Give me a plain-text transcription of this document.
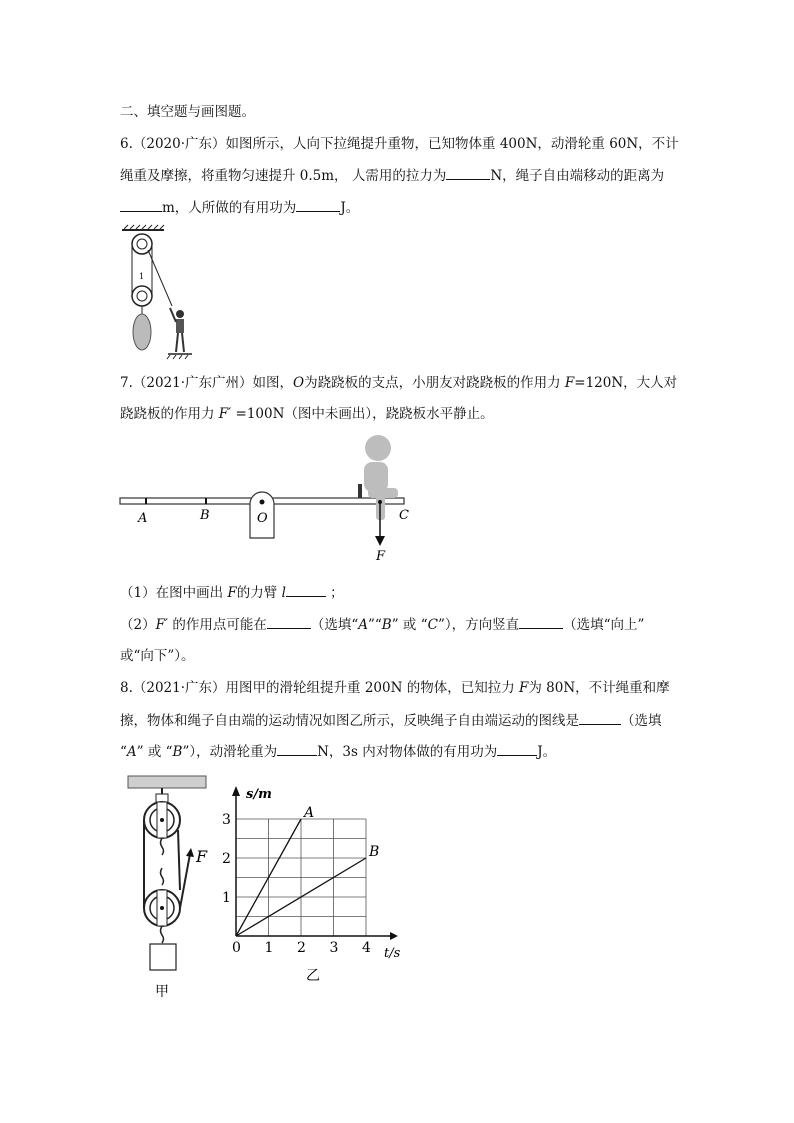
二、填空题与画图题。
6.（2020·广东）如图所示，人向下拉绳提升重物，已知物体重 400N，动滑轮重 60N，不计
绳重及摩擦，将重物匀速提升 0.5m， 人需用的拉力为	N，绳子自由端移动的距离为
m，人所做的有用功为	J。
1
7.（2021·广东广州）如图，O为跷跷板的支点，小朋友对跷跷板的作用力 F=120N，大人对
跷跷板的作用力 F′ =100N（图中未画出），跷跷板水平静止。
A	B	O	C
F
（1）在图中画出 F的力臂 l	；
（2）F′ 的作用点可能在	（选填“A”“B” 或 “C”），方向竖直	（选填“向上”
或“向下”）。
8.（2021·广东）用图甲的滑轮组提升重 200N 的物体，已知拉力 F为 80N，不计绳重和摩
擦，物体和绳子自由端的运动情况如图乙所示，反映绳子自由端运动的图线是	（选填
“A” 或 “B”），动滑轮重为	N，3s 内对物体做的有用功为	J。
F
甲
s/m
t/s
0 1 2 3 4
1
2
3	A
B
乙
